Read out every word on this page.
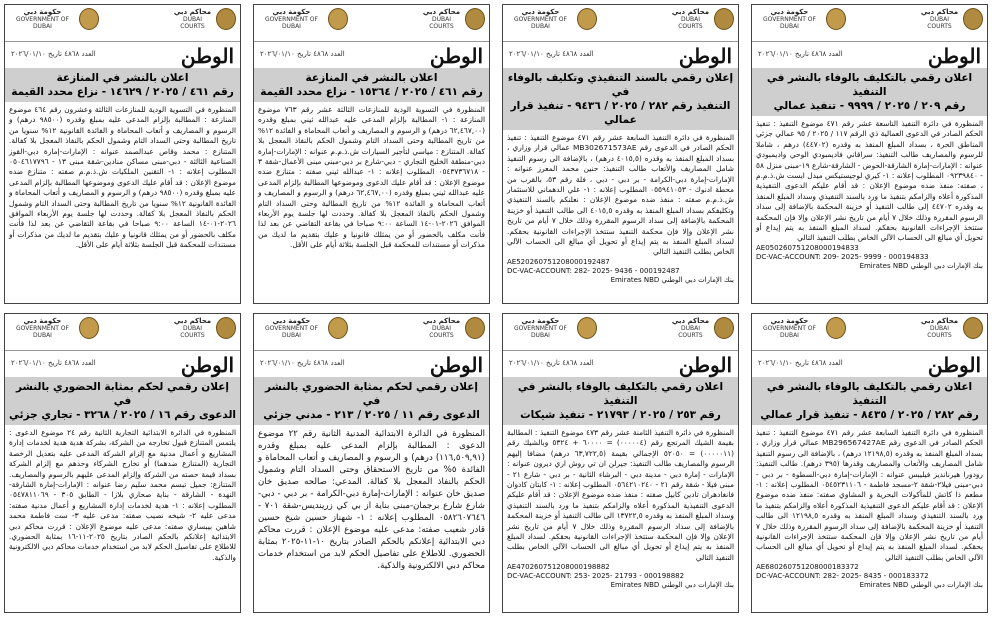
محاكم دبي
DUBAI COURTS
حكومة دبي
GOVERNMENT OF DUBAI
الوطن
العدد ٤٨٦٨ تاريخ ٢٠٢٦/٠١/١٠
اعلان رقمي بالتكليف بالوفاء بالنشر في التنفيذ
رقم ٢٠٩ / ٢٠٢٥ / ٩٩٩٩ - تنفيذ عمالي
المنظورة في دائرة التنفيذ التاسعة عشر رقم ٤٧١ موضوع التنفيذ : تنفيذ الحكم الصادر في الدعوى العمالية ذي الرقم ١١٧ / ٢٠٢٥ / ٩٥ عمالي جزئي المناطق الحرة ، بسداد المبلغ المنفذ به وقدره (٤٤٧٠٢) درهم ، شاملا للرسوم والمصاريف طالب التنفيذ: سراقاني فاديمبودي الوحي واديمبودي عنوانه : الإمارات-إمارة الشارقة-الحوض - الشارقة-شارع ١٩-مبنى منزل ٥٨ - ٠٩٢٣٩٨٤٠ المطلوب إعلانه : ١- كيري لوجيستيكس ميدل ايست ش.ذ.م.م ، صفته: منفذ ضده موضوع الإعلان : قد أقام عليكم الدعوى التنفيذية المذكورة أعلاه والزامكم بتنفيذ ما ورد بالسند التنفيذي وسداد المبلغ المنفذ به وقدره ٤٤٧٠٢ إلى طالب التنفيذ أو خزينة المحكمة بالإضافة إلى سداد الرسوم المقررة وذلك خلال ٧ أيام من تاريخ نشر الإعلان وإلا فإن المحكمة ستتخذ الإجراءات القانونية بحقكم. لسداد المبلغ المنفذ به يتم إيداع أو تحويل أي مبالغ الى الحساب الآلي الخاص بطلب التنفيذ التالي
AE050260751208000194833
DC-VAC-ACCOUNT: 209- 2025- 9999 - 000194833
بنك الإمارات دبي الوطني Emirates NBD
محاكم دبي
DUBAI COURTS
حكومة دبي
GOVERNMENT OF DUBAI
الوطن
العدد ٤٨٦٨ تاريخ ٢٠٢٦/٠١/١٠
إعلان رقمي بالسند التنفيذي وتكليف بالوفاء في
التنفيذ رقم ٢٨٢ / ٢٠٢٥ / ٩٤٣٦ - تنفيذ قرار عمالي
المنظورة في دائرة التنفيذ السابعة عشر رقم ٤٧١ موضوع التنفيذ : تنفيذ الحكم الصادر في الدعوى رقم MB302671573AE عمالي قرار وزاري ، بسداد المبلغ المنفذ به وقدره (٤٠١٥,٥ درهم) ، بالإضافة الى رسوم التنفيذ شامل المصاريف والأتعاب طالب التنفيذ: حنين محمد المعرز عنوانه : الإمارات-إمارة دبي-الكرامة - بر دبي - دبي ، فلة رقم ٥٣، بالقرب من محطة ادنوك - ٠٥٥٩٤١٠٥٣ المطلوب إعلانه : ١- علي الدهماني للاستثمار ش.ذ.م.م صفته : منفذ ضده موضوع الإعلان : نعلنكم بالسند التنفيذي وتكليفكم بسداد المبلغ المنفذ به وقدره ٤٠١٥,٥ الى طالب التنفيذ أو خزينة المحكمة بالإضافة إلى سداد الرسوم المقررة وذلك خلال ٧ أيام من تاريخ نشر الإعلان وإلا فإن محكمة التنفيذ ستتخذ الإجراءات القانونية بحقكم. لسداد المبلغ المنفذ به يتم إيداع أو تحويل أي مبالغ الى الحساب الآلي الخاص بطلب التنفيذ التالي
AE520260751208000192487
DC-VAC-ACCOUNT: 282- 2025- 9436 - 000192487
بنك الإمارات دبي الوطني Emirates NBD
محاكم دبي
DUBAI COURTS
حكومة دبي
GOVERNMENT OF DUBAI
الوطن
العدد ٤٨٦٨ تاريخ ٢٠٢٦/٠١/١٠
اعلان بالنشر في المنازعة
رقم ٤٦١ / ٢٠٢٥ / ١٥٣٦٤ - نزاع محدد القيمة
المنظورة في التسوية الودية للمنازعات الثالثة عشر رقم ٧٦٣ موضوع المنازعة : ١- المطالبة بإلزام المدعى عليه عبدالله ثيني بمبلغ وقدره (٦٢,٤٦٧,٠٠ درهم) و الرسوم و المصاريف و أتعاب المحاماة و الفائدة ١٢% من تاريخ المطالبة وحتى السداد التام وشمول الحكم بالنفاذ المعجل بلا كفالة. المتنازع : مياسي لتأجير السيارات ش.ذ.م.م عنوانه : الإمارات-إمارة دبي-منطقة الخليج التجاري - دبي-شارع بر دبي-مبنى مبنى الأعمال-شقة ٣ - ٠٥٤٣٧٣٦٧١٨ المطلوب إعلانه : ١- عبدالله ثيني صفته : متنازع ضده موضوع الإعلان : قد أقام عليك الدعوى وموضوعها المطالبة بإلزام المدعى عليه عبدالله ثيني بمبلغ وقدره (٦٢,٤٦٧,٠٠ درهم) و الرسوم و المصاريف و أتعاب المحاماة و الفائدة ١٢% من تاريخ المطالبة وحتى السداد التام وشمول الحكم بالنفاذ المعجل بلا كفالة. وحددت لها جلسة يوم الأربعاء الموافق ٢٠٢٦-٠١-١٤ الساعة ٩:٠٠ صباحا في بقاعة التقاضي عن بعد لذا فأنت مكلف بالحضور أو من يمثلك قانونيا و عليك بتقديم ما لديك من مذكرات أو مستندات للمحكمة قبل الجلسة بثلاثة أيام على الأقل.
محاكم دبي
DUBAI COURTS
حكومة دبي
GOVERNMENT OF DUBAI
الوطن
العدد ٤٨٦٨ تاريخ ٢٠٢٦/٠١/١٠
اعلان بالنشر في المنازعة
رقم ٤٦١ / ٢٠٢٥ / ١٤٦٢٩ - نزاع محدد القيمة
المنظورة في التسوية الودية للمنازعات الثالثة وعشرون رقم ٤٦٤ موضوع المنازعة : المطالبة بإلزام المدعى عليه بمبلغ وقدره (٩٨٥٠٠ درهم) و الرسوم و المصاريف و أتعاب المحاماة و الفائدة القانونية ١٢% سنويا من تاريخ المطالبة وحتى السداد التام وشمول الحكم بالنفاذ المعجل بلا كفالة. المتنازع : محمد وقاص عبدالصمد عنوانه : الإمارات-إمارة دبي-القوز الصناعية الثالثة - دبي-مبنى مساكن منادين-شقة مبنى ١٣ - ٠٥٠٤٦١٧٧٩٦ المطلوب إعلانه : ١- التقنين الملكيات ش.ذ.م.م صفته : متنازع ضده موضوع الإعلان : قد أقام عليك الدعوى وموضوعها المطالبة بإلزام المدعى عليه بمبلغ وقدره (٩٨٥٠٠ درهم) و الرسوم و المصاريف و أتعاب المحاماة و الفائدة القانونية ١٢% سنويا من تاريخ المطالبة وحتى السداد التام وشمول الحكم بالنفاذ المعجل بلا كفالة. وحددت لها جلسة يوم الأربعاء الموافق ٢٠٢٦-٠١-١٤ الساعة ٩:٠٠ صباحا في بقاعة التقاضي عن بعد لذا فأنت مكلف بالحضور أو من يمثلك قانونيا و عليك بتقديم ما لديك من مذكرات أو مستندات للمحكمة قبل الجلسة بثلاثة أيام على الأقل.
محاكم دبي
DUBAI COURTS
حكومة دبي
GOVERNMENT OF DUBAI
الوطن
العدد ٤٨٦٨ تاريخ ٢٠٢٦/٠١/١٠
اعلان رقمي بالتكليف بالوفاء بالنشر في التنفيذ
رقم ٢٨٢ / ٢٠٢٥ / ٨٤٣٥ - تنفيذ قرار عمالي
المنظورة في دائرة التنفيذ السابعة عشر رقم ٤٧١ موضوع التنفيذ : تنفيذ الحكم الصادر في الدعوى رقم MB296567427AE عمالي قرار وزاري ، بسداد المبلغ المنفذ به وقدره (١٢١٩٨,٥ درهم) ، بالإضافة الى رسوم التنفيذ شامل المصاريف والأتعاب والمصاريف وقدرها (٣٩٥ درهم). طالب التنفيذ: رودورا هيرنانديز فيليبس عنوانه : الإمارات-إمارة دبي-السطوة - بر دبي - دبي-مبنى فيلا٢-شقة ٢-مسجد فاطمة - ٠٥٤٥٢٣١١٠٦ المطلوب إعلانه : ١- مطعم ذا كاتش للمأكولات البحرية و المشاوي صفته: منفذ ضده موضوع الإعلان : قد أقام عليكم الدعوى التنفيذية المذكورة أعلاه والزامكم بتنفيذ ما ورد بالسند التنفيذي وسداد المبلغ المنفذ به وقدره ١٢١٩٨,٥ الى طالب التنفيذ أو خزينة المحكمة بالإضافة إلى سداد الرسوم المقررة وذلك خلال ٧ أيام من تاريخ نشر الإعلان وإلا فإن المحكمة ستتخذ الإجراءات القانونية بحقكم. لسداد المبلغ المنفذ به يتم إيداع أو تحويل أي مبالغ الى الحساب الآلي الخاص بطلب التنفيذ التالي
AE680260751208000183372
DC-VAC-ACCOUNT: 282- 2025- 8435 - 000183372
بنك الإمارات دبي الوطني Emirates NBD
محاكم دبي
DUBAI COURTS
حكومة دبي
GOVERNMENT OF DUBAI
الوطن
العدد ٤٨٦٨ تاريخ ٢٠٢٦/٠١/١٠
اعلان رقمي بالتكليف بالوفاء بالنشر في التنفيذ
رقم ٢٥٣ / ٢٠٢٥ / ٢١٧٩٣ - تنفيذ شيكات
المنظورة في دائرة التنفيذ الثامنة عشر رقم ٤٧٣ موضوع التنفيذ : المطالبة بقيمة الشيك المرتجع رقم (٠٠٠٠٠٤) = ٦٠٠٠٠ + ٥٣٢٤ وبالشيك رقم (٠٠٠٠٠١١) = ٥٢٠٥٠ الإجمالي بقيمة (٦٣,٧٢٢,٥ درهم) مضافا إليهم الرسوم والمصاريف طالب التنفيذ: جيرلن ان تي روش اري ديرون عنوانه : الإمارات - إمارة دبي - مدينة دبي - البرشاء الثانية - بر دبي - شارع ٢١ - مبنى فيلا - شقة رقم ٢١ - ٠٥٦٤٢١٠٢٤٠ المطلوب إعلانه : ١- كابتان كادوان فانغادهران تادين كابيل صفته : منفذ ضده موضوع الإعلان : قد أقام عليكم الدعوى التنفيذية المذكورة أعلاه والزامكم بتنفيذ ما ورد بالسند التنفيذي وسداد المبلغ المنفذ به وقدره ١٣٧٢٢,٥ الى طالب التنفيذ أو خزينة المحكمة بالإضافة إلى سداد الرسوم المقررة وذلك خلال ٧ أيام من تاريخ نشر الإعلان وإلا فإن المحكمة ستتخذ الإجراءات القانونية بحقكم. لسداد المبلغ المنفذ به يتم إيداع أو تحويل أي مبالغ الى الحساب الآلي الخاص بطلب التنفيذ التالي
AE470260751208000198882
DC-VAC-ACCOUNT: 253- 2025- 21793 - 000198882
بنك الإمارات دبي الوطني Emirates NBD
محاكم دبي
DUBAI COURTS
حكومة دبي
GOVERNMENT OF DUBAI
الوطن
العدد ٤٨٦٨ تاريخ ٢٠٢٦/٠١/١٠
إعلان رقمي لحكم بمثابة الحضوري بالنشر في
الدعوى رقم ١١ / ٢٠٢٥ / ٢١٣ - مدني جزئي
المنظورة في الدائرة الابتدائية المدنية الثانية رقم ٢٢ موضوع الدعوى : المطالبة بإلزام المدعى عليه بمبلغ وقدره (١١٦,٥٠٩,٩١) درهم) و الرسوم و المصاريف و أتعاب المحاماة و الفائدة ٥% من تاريخ الاستحقاق وحتى السداد التام وشمول الحكم بالنفاذ المعجل بلا كفالة. المدعي: صالحه صديق خان صديق خان عنوانه : الإمارات-إمارة دبي-الكرامة - بر دبي - دبي-شارع شارع برجمان-مبنى بناية از بي كي زرينديس-شقة ٧٠١ - ٠٥٨٢٦٠٧٦٤٦ المطلوب إعلانه : ١- شهناز حسين شيخ حسين قادر شعيب صفته: مدعى عليه موضوع الإعلان : قررت محاكم دبي الابتدائية إعلانكم بالحكم الصادر بتاريخ ١٠-١١-٢٠٢٥ بمثابة الحضوري. للاطلاع على تفاصيل الحكم لابد من استخدام خدمات محاكم دبي الالكترونية والذكية.
محاكم دبي
DUBAI COURTS
حكومة دبي
GOVERNMENT OF DUBAI
الوطن
العدد ٤٨٦٨ تاريخ ٢٠٢٦/٠١/١٠
إعلان رقمي لحكم بمثابة الحضوري بالنشر في
الدعوى رقم ١٦ / ٢٠٢٥ / ٣٢٦٨ - تجاري جزئي
المنظورة في الدائرة الابتدائية التجارية الثانية رقم ٢٤ موضوع الدعوى : يلتمس المتنازع قبول تخارجه من الشركة، بشركة هدية هدية لخدمات إدارة المشاريع و أعمال مدنية مع إلزام الشركة المدعى عليه بتعديل الرخصة التجارية (المتنازع ضدهما) أو تخارج الشركاء وحدهم مع إلزام الشركة بسداد قيمة حصته من الشركة وإلزام المدعى عليهم بالرسوم والمصاريف. المتنازع: جميل تبسم محمد سليم رضا عنوانه : الإمارات-إمارة الشارقة-النهدة - الشارقة - بناية صحاري بلازا - الطابق ٣٠٥ - ٠٥٤٧٨١١٠٦٩ المطلوب إعلانه : ١- هدية لخدمات إدارة المشاريع و أعمال مدنية صفته: مدعى عليه ٢- شيخه نصيب صفته: مدعى عليه ٣- ست فاطمة محمد شاهين بيبساري صفته: مدعى عليه موضوع الإعلان : قررت محاكم دبي الابتدائية إعلانكم بالحكم الصادر بتاريخ ٢٠٢٥-١١-١٦ بمثابة الحضوري. للاطلاع على تفاصيل الحكم لابد من استخدام خدمات محاكم دبي الالكترونية والذكية.
